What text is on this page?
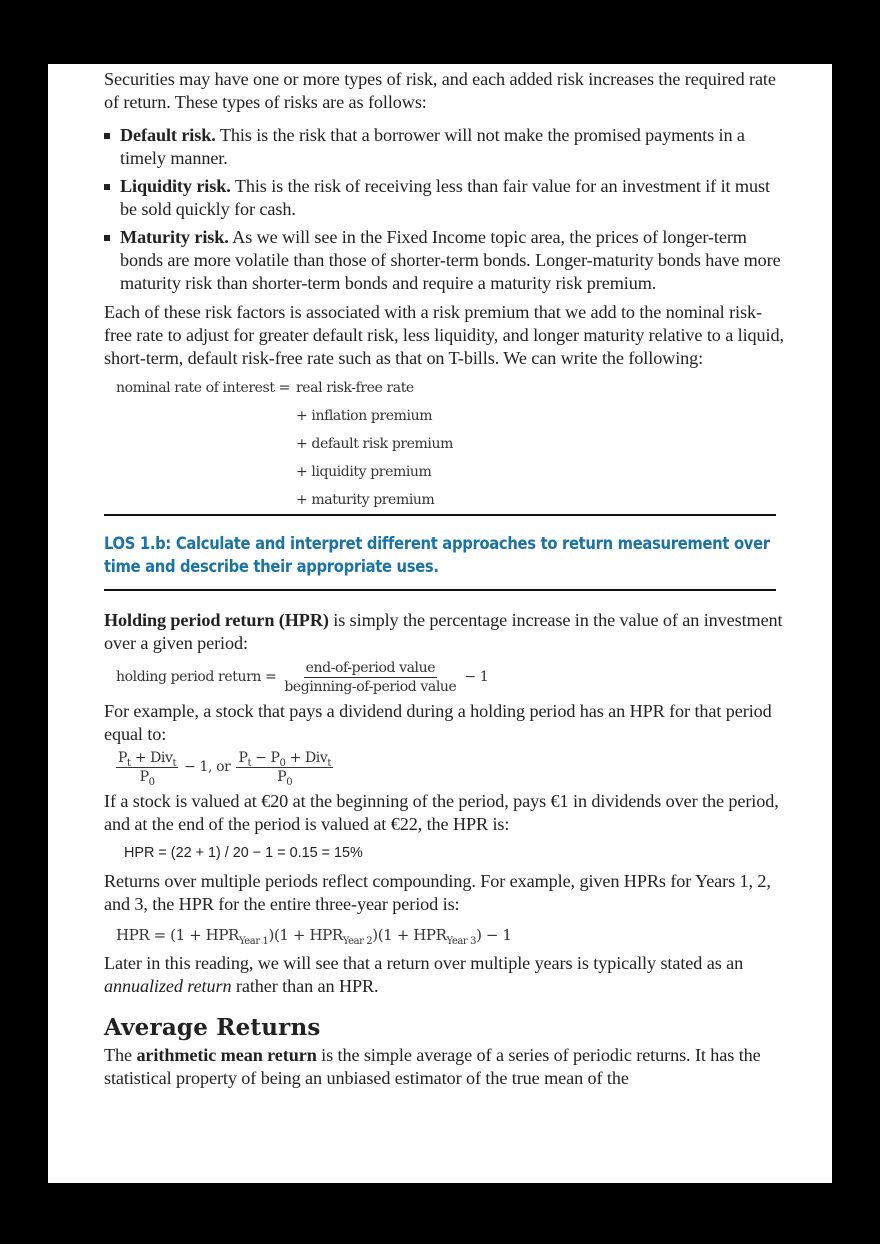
Securities may have one or more types of risk, and each added risk increases the required rate of return. These types of risks are as follows:

Default risk. This is the risk that a borrower will not make the promised payments in a timely manner.
Liquidity risk. This is the risk of receiving less than fair value for an investment if it must be sold quickly for cash.
Maturity risk. As we will see in the Fixed Income topic area, the prices of longer-term bonds are more volatile than those of shorter-term bonds. Longer-maturity bonds have more maturity risk than shorter-term bonds and require a maturity risk premium.

Each of these risk factors is associated with a risk premium that we add to the nominal risk-free rate to adjust for greater default risk, less liquidity, and longer maturity relative to a liquid, short-term, default risk-free rate such as that on T-bills. We can write the following:

nominal rate of interest = real risk-free rate
+ inflation premium
+ default risk premium
+ liquidity premium
+ maturity premium

LOS 1.b: Calculate and interpret different approaches to return measurement over time and describe their appropriate uses.

Holding period return (HPR) is simply the percentage increase in the value of an investment over a given period:

holding period return = $\frac{\text{end-of-period value}}{\text{beginning-of-period value}} - 1$

For example, a stock that pays a dividend during a holding period has an HPR for that period equal to:

$\frac{P_t + Div_t}{P_0} - 1$, or $\frac{P_t - P_0 + Div_t}{P_0}$

If a stock is valued at €20 at the beginning of the period, pays €1 in dividends over the period, and at the end of the period is valued at €22, the HPR is:

HPR = (22 + 1) / 20 − 1 = 0.15 = 15%

Returns over multiple periods reflect compounding. For example, given HPRs for Years 1, 2, and 3, the HPR for the entire three-year period is:

HPR = $(1 + HPR_{Year 1})(1 + HPR_{Year 2})(1 + HPR_{Year 3}) - 1$

Later in this reading, we will see that a return over multiple years is typically stated as an annualized return rather than an HPR.

Average Returns

The arithmetic mean return is the simple average of a series of periodic returns. It has the statistical property of being an unbiased estimator of the true mean of the
